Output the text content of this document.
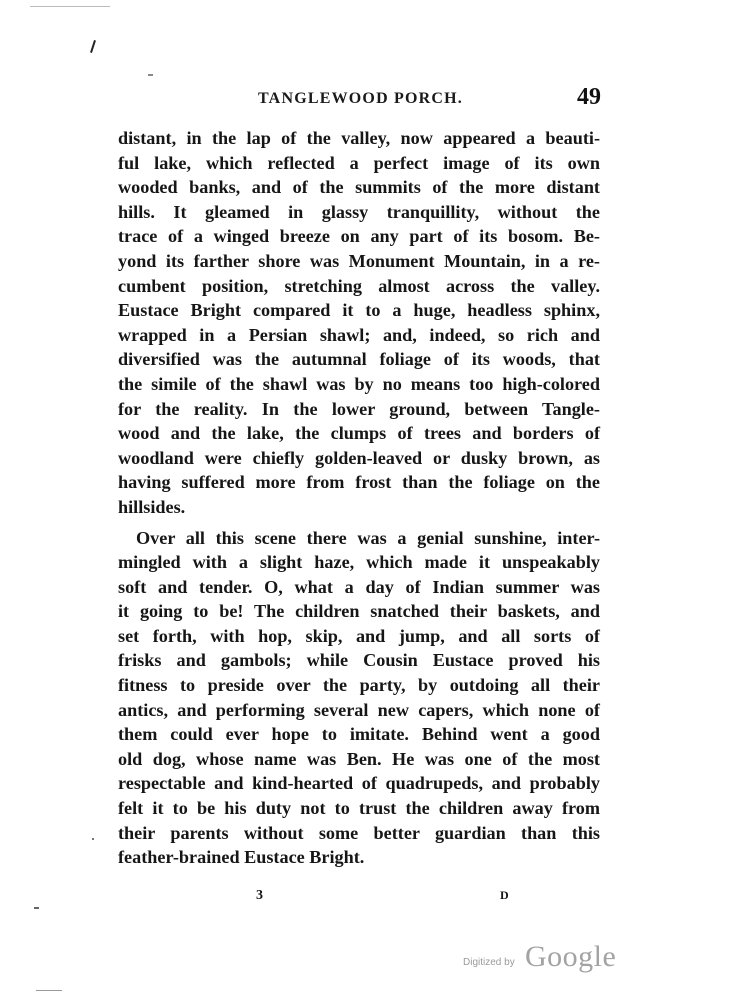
TANGLEWOOD PORCH.	49

distant, in the lap of the valley, now appeared a beauti-

ful lake, which reflected a perfect image of its own

wooded banks, and of the summits of the more distant

hills. It gleamed in glassy tranquillity, without the

trace of a winged breeze on any part of its bosom. Be-

yond its farther shore was Monument Mountain, in a re-

cumbent position, stretching almost across the valley.

Eustace Bright compared it to a huge, headless sphinx,

wrapped in a Persian shawl; and, indeed, so rich and

diversified was the autumnal foliage of its woods, that

the simile of the shawl was by no means too high-colored

for the reality. In the lower ground, between Tangle-

wood and the lake, the clumps of trees and borders of

woodland were chiefly golden-leaved or dusky brown, as

having suffered more from frost than the foliage on the

hillsides.

Over all this scene there was a genial sunshine, inter-

mingled with a slight haze, which made it unspeakably

soft and tender. O, what a day of Indian summer was

it going to be! The children snatched their baskets, and

set forth, with hop, skip, and jump, and all sorts of

frisks and gambols; while Cousin Eustace proved his

fitness to preside over the party, by outdoing all their

antics, and performing several new capers, which none of

them could ever hope to imitate. Behind went a good

old dog, whose name was Ben. He was one of the most

respectable and kind-hearted of quadrupeds, and probably

felt it to be his duty not to trust the children away from

their parents without some better guardian than this

feather-brained Eustace Bright.

3	D
Digitized by Google
